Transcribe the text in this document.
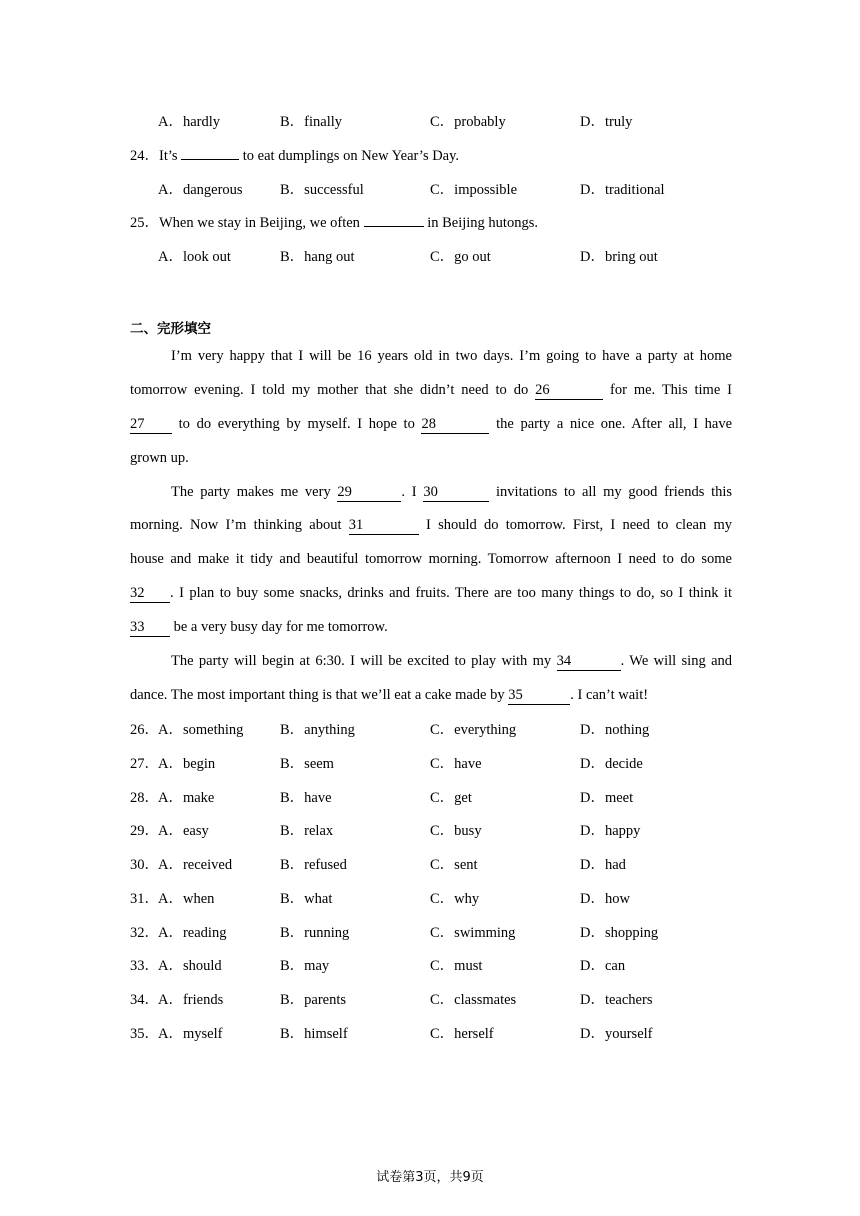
A．hardly	B．finally	C．probably	D．truly
24．It’s	to eat dumplings on New Year’s Day.
A．dangerous	B．successful	C．impossible	D．traditional
25．When we stay in Beijing, we often	in Beijing hutongs.
A．look out	B．hang out	C．go out	D．bring out
二、完形填空
I’m very happy that I will be 16 years old in two days. I’m going to have a party at home
tomorrow evening. I told my mother that she didn’t need to do 26	for me. This time I
27 to do everything by myself. I hope to 28	the party a nice one. After all, I have
grown up.
The party makes me very 29	. I 30	invitations to all my good friends this
morning. Now I’m thinking about 31	I should do tomorrow. First, I need to clean my
house and make it tidy and beautiful tomorrow morning. Tomorrow afternoon I need to do some
32 . I plan to buy some snacks, drinks and fruits. There are too many things to do, so I think it
33 be a very busy day for me tomorrow.
The party will begin at 6:30. I will be excited to play with my 34	. We will sing and
dance. The most important thing is that we’ll eat a cake made by 35	. I can’t wait!
26． A．something	B．anything	C．everything	D．nothing
27． A．begin	B．seem	C．have	D．decide
28． A．make	B．have	C．get	D．meet
29． A．easy	B．relax	C．busy	D．happy
30． A．received	B．refused	C．sent	D．had
31． A．when	B．what	C．why	D．how
32． A．reading	B．running	C．swimming	D．shopping
33． A．should	B．may	C．must	D．can
34． A．friends	B．parents	C．classmates	D．teachers
35． A．myself	B．himself	C．herself	D．yourself
试卷第3页，共9页
